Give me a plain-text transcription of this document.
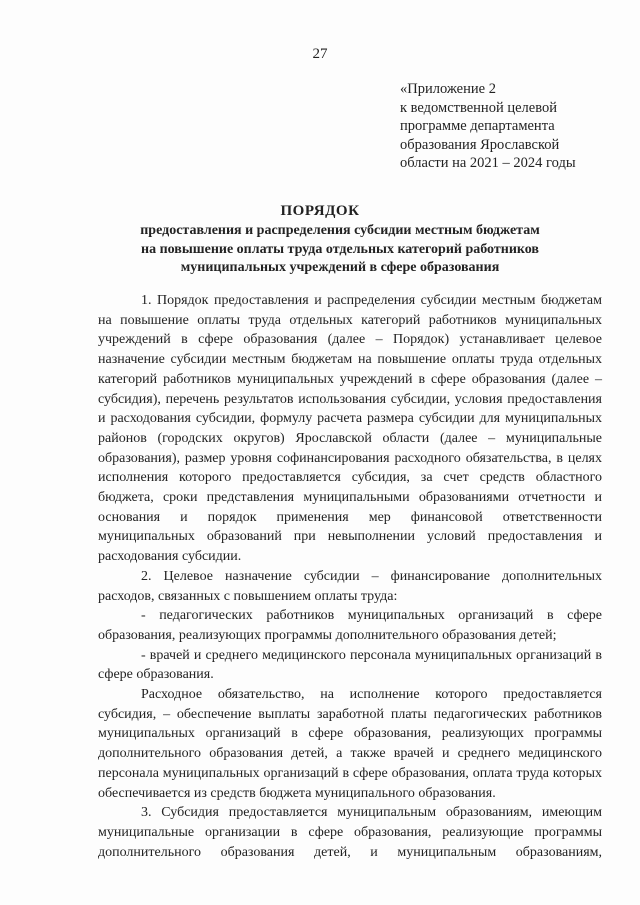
27
«Приложение 2
к ведомственной целевой
программе департамента
образования Ярославской
области на 2021 – 2024 годы
ПОРЯДОК
предоставления и распределения субсидии местным бюджетам
на повышение оплаты труда отдельных категорий работников
муниципальных учреждений в сфере образования

1. Порядок предоставления и распределения субсидии местным бюджетам на повышение оплаты труда отдельных категорий работников муниципальных учреждений в сфере образования (далее – Порядок) устанавливает целевое назначение субсидии местным бюджетам на повышение оплаты труда отдельных категорий работников муниципальных учреждений в сфере образования (далее – субсидия), перечень результатов использования субсидии, условия предоставления и расходования субсидии, формулу расчета размера субсидии для муниципальных районов (городских округов) Ярославской области (далее – муниципальные образования), размер уровня софинансирования расходного обязательства, в целях исполнения которого предоставляется субсидия, за счет средств областного бюджета, сроки представления муниципальными образованиями отчетности и основания и порядок применения мер финансовой ответственности муниципальных образований при невыполнении условий предоставления и расходования субсидии.

2. Целевое назначение субсидии – финансирование дополнительных расходов, связанных с повышением оплаты труда:

- педагогических работников муниципальных организаций в сфере образования, реализующих программы дополнительного образования детей;

- врачей и среднего медицинского персонала муниципальных организаций в сфере образования.

Расходное обязательство, на исполнение которого предоставляется субсидия, – обеспечение выплаты заработной платы педагогических работников муниципальных организаций в сфере образования, реализующих программы дополнительного образования детей, а также врачей и среднего медицинского персонала муниципальных организаций в сфере образования, оплата труда которых обеспечивается из средств бюджета муниципального образования.

3. Субсидия предоставляется муниципальным образованиям, имеющим муниципальные организации в сфере образования, реализующие программы дополнительного образования детей, и муниципальным образованиям,
